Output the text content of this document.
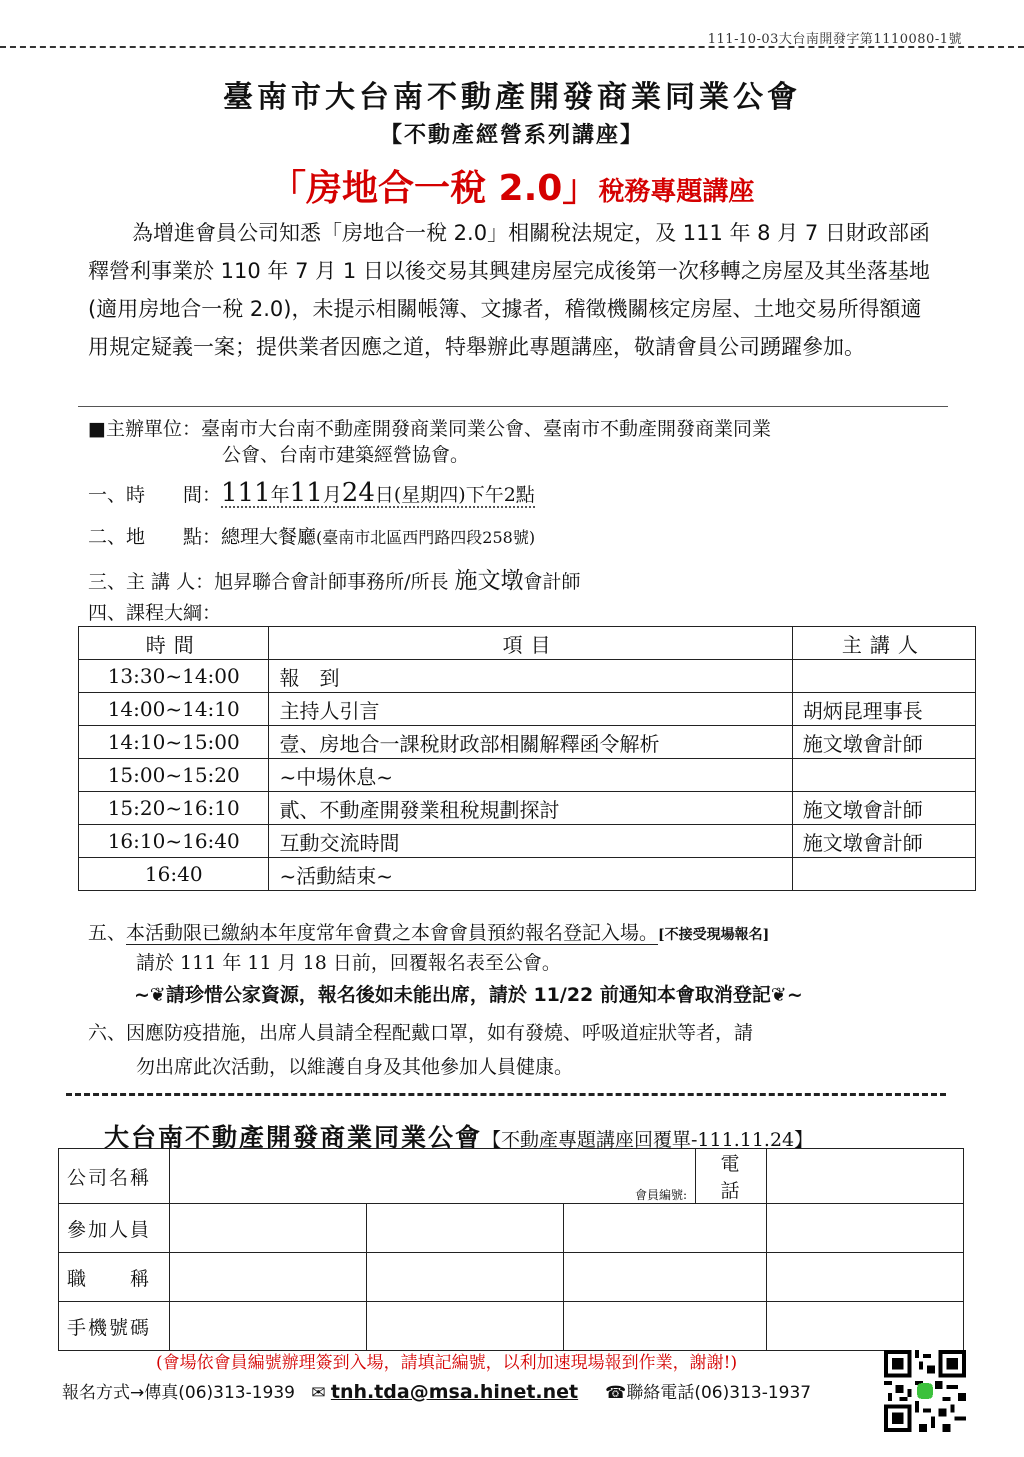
111-10-03大台南開發字第1110080-1號
臺南市大台南不動產開發商業同業公會
【不動產經營系列講座】
「房地合一稅 2.0」稅務專題講座

為增進會員公司知悉「房地合一稅 2.0」相關稅法規定，及 111 年 8 月 7 日財政部函釋營利事業於 110 年 7 月 1 日以後交易其興建房屋完成後第一次移轉之房屋及其坐落基地(適用房地合一稅 2.0)，未提示相關帳簿、文據者，稽徵機關核定房屋、土地交易所得額適用規定疑義一案；提供業者因應之道，特舉辦此專題講座，敬請會員公司踴躍參加。

■主辦單位：臺南市大台南不動產開發商業同業公會、臺南市不動產開發商業同業
公會、台南市建築經營協會。
一、時　　間：111年11月24日(星期四)下午2點
二、地　　點：總理大餐廳(臺南市北區西門路四段258號)
三、主 講 人：旭昇聯合會計師事務所/所長 施文墩會計師
四、課程大綱：
時間	項目	主講人
13:30~14:00	報　到	
14:00~14:10	主持人引言	胡炳昆理事長
14:10~15:00	壹、房地合一課稅財政部相關解釋函令解析	施文墩會計師
15:00~15:20	~中場休息~	
15:20~16:10	貳、不動產開發業租稅規劃探討	施文墩會計師
16:10~16:40	互動交流時間	施文墩會計師
16:40	~活動結束~	
五、本活動限已繳納本年度常年會費之本會會員預約報名登記入場。[不接受現場報名]
請於 111 年 11 月 18 日前，回覆報名表至公會。
~❦請珍惜公家資源，報名後如未能出席，請於 11/22 前通知本會取消登記❦~
六、因應防疫措施，出席人員請全程配戴口罩，如有發燒、呼吸道症狀等者，請
勿出席此次活動，以維護自身及其他參加人員健康。
大台南不動產開發商業同業公會【不動產專題講座回覆單-111.11.24】
公司名稱	會員編號:			電　話	
參加人員					
職　　稱					
手機號碼					
(會場依會員編號辦理簽到入場，請填記編號，以利加速現場報到作業，謝謝!)
報名方式→傳真(06)313-1939 ✉ tnh.tda@msa.hinet.net ☎聯絡電話(06)313-1937
